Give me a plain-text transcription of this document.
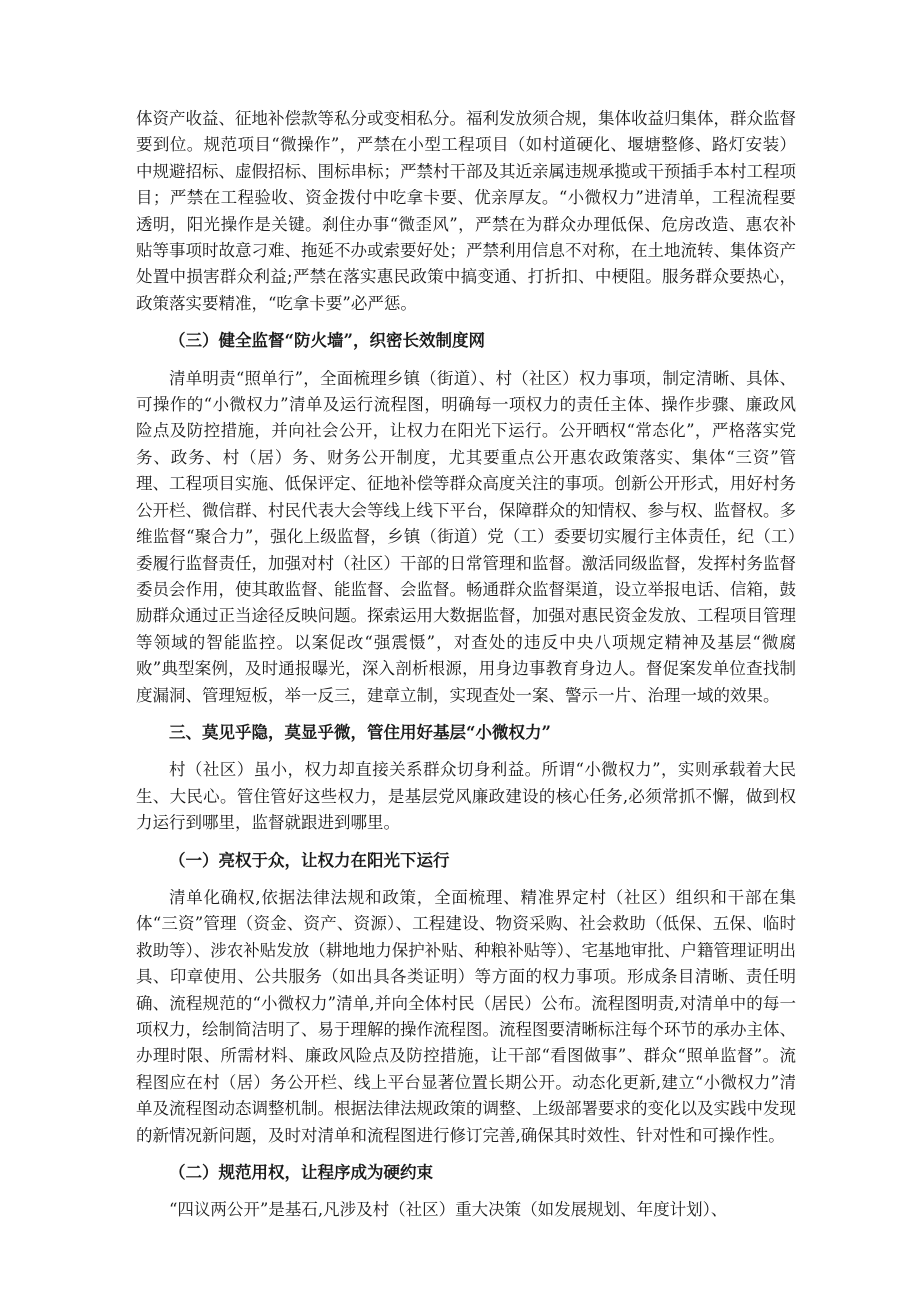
体资产收益、征地补偿款等私分或变相私分。福利发放须合规，集体收益归集体，群众监督要到位。规范项目“微操作”，严禁在小型工程项目（如村道硬化、堰塘整修、路灯安装）中规避招标、虚假招标、围标串标；严禁村干部及其近亲属违规承揽或干预插手本村工程项目；严禁在工程验收、资金拨付中吃拿卡要、优亲厚友。“小微权力”进清单，工程流程要透明，阳光操作是关键。刹住办事“微歪风”，严禁在为群众办理低保、危房改造、惠农补贴等事项时故意刁难、拖延不办或索要好处；严禁利用信息不对称，在土地流转、集体资产处置中损害群众利益;严禁在落实惠民政策中搞变通、打折扣、中梗阻。服务群众要热心，政策落实要精准，“吃拿卡要”必严惩。

（三）健全监督“防火墙”，织密长效制度网

清单明责“照单行”，全面梳理乡镇（街道）、村（社区）权力事项，制定清晰、具体、可操作的“小微权力”清单及运行流程图，明确每一项权力的责任主体、操作步骤、廉政风险点及防控措施，并向社会公开，让权力在阳光下运行。公开晒权“常态化”，严格落实党务、政务、村（居）务、财务公开制度，尤其要重点公开惠农政策落实、集体“三资”管理、工程项目实施、低保评定、征地补偿等群众高度关注的事项。创新公开形式，用好村务公开栏、微信群、村民代表大会等线上线下平台，保障群众的知情权、参与权、监督权。多维监督“聚合力”，强化上级监督，乡镇（街道）党（工）委要切实履行主体责任，纪（工）委履行监督责任，加强对村（社区）干部的日常管理和监督。激活同级监督，发挥村务监督委员会作用，使其敢监督、能监督、会监督。畅通群众监督渠道，设立举报电话、信箱，鼓励群众通过正当途径反映问题。探索运用大数据监督，加强对惠民资金发放、工程项目管理等领域的智能监控。以案促改“强震慑”，对查处的违反中央八项规定精神及基层“微腐败”典型案例，及时通报曝光，深入剖析根源，用身边事教育身边人。督促案发单位查找制度漏洞、管理短板，举一反三，建章立制，实现查处一案、警示一片、治理一域的效果。

三、莫见乎隐，莫显乎微，管住用好基层“小微权力”

村（社区）虽小，权力却直接关系群众切身利益。所谓“小微权力”，实则承载着大民生、大民心。管住管好这些权力，是基层党风廉政建设的核心任务,必须常抓不懈，做到权力运行到哪里，监督就跟进到哪里。

（一）亮权于众，让权力在阳光下运行

清单化确权,依据法律法规和政策，全面梳理、精准界定村（社区）组织和干部在集体“三资”管理（资金、资产、资源）、工程建设、物资采购、社会救助（低保、五保、临时救助等）、涉农补贴发放（耕地地力保护补贴、种粮补贴等）、宅基地审批、户籍管理证明出具、印章使用、公共服务（如出具各类证明）等方面的权力事项。形成条目清晰、责任明确、流程规范的“小微权力”清单,并向全体村民（居民）公布。流程图明责,对清单中的每一项权力，绘制简洁明了、易于理解的操作流程图。流程图要清晰标注每个环节的承办主体、办理时限、所需材料、廉政风险点及防控措施，让干部“看图做事”、群众“照单监督”。流程图应在村（居）务公开栏、线上平台显著位置长期公开。动态化更新,建立“小微权力”清单及流程图动态调整机制。根据法律法规政策的调整、上级部署要求的变化以及实践中发现的新情况新问题，及时对清单和流程图进行修订完善,确保其时效性、针对性和可操作性。

（二）规范用权，让程序成为硬约束

“四议两公开”是基石,凡涉及村（社区）重大决策（如发展规划、年度计划）、
